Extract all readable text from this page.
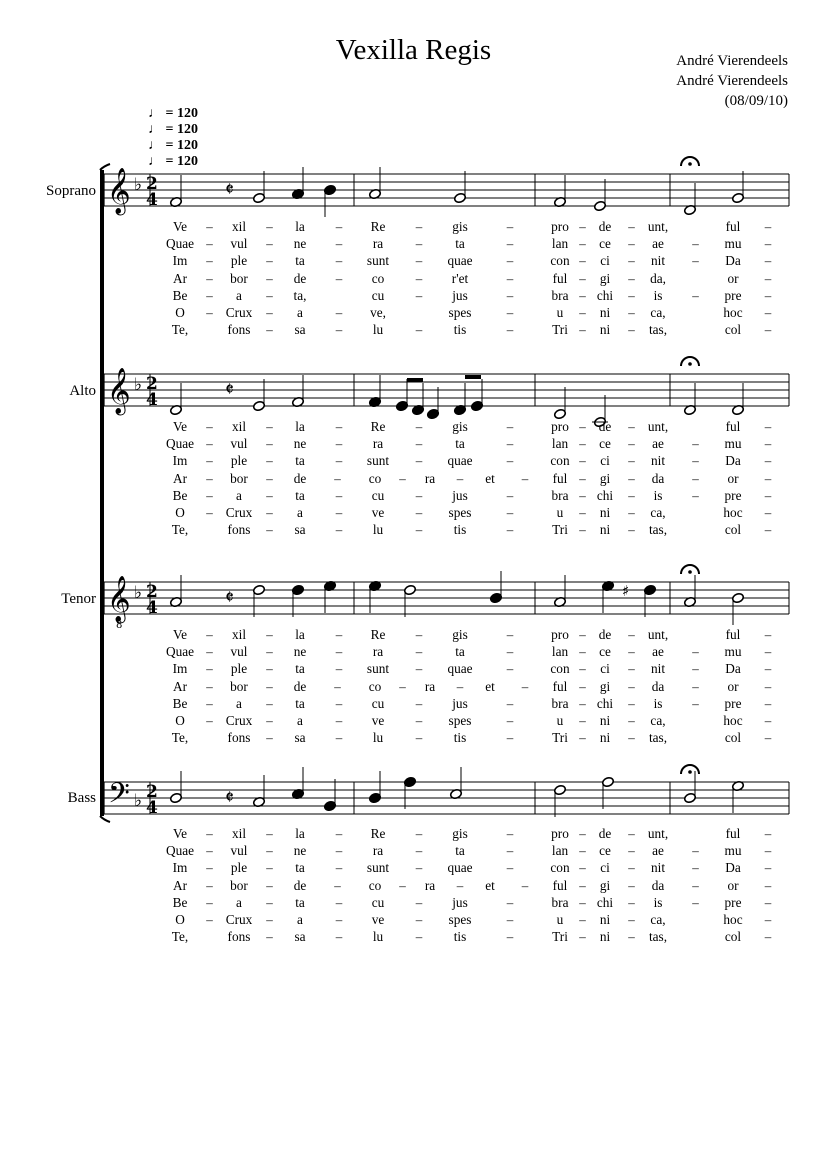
Vexilla Regis	André Vierendeels
André Vierendeels
(08/09/10)
♩ = 120
♩ = 120
♩ = 120
♩ = 120
Soprano
Alto
Tenor
Bass
♯
𝄞 ♭ 2
4	𝄵
𝄞 ♭ 2
4	𝄵
𝄞
8
♭ 2
4	𝄵
𝄢 ♭ 2
4	𝄵
Ve – xil – la – Re – gis	–	pro – de – unt,	ful –
Quae – vul – ne – ra	– ta	–	lan – ce – ae – mu –
Im – ple – ta – sunt – quae	–	con – ci – nit – Da –
Ar – bor – de – co – r'et	–	ful – gi – da,	or –
Be – a – ta,	cu – jus	–	bra – chi – is – pre –
O – Crux – a	– ve,	spes	–	u – ni – ca,	hoc –
Te,	fons – sa – lu	– tis	–	Tri – ni – tas,	col –
Ve – xil – la – Re – gis	–	pro – de – unt,	ful –
Quae – vul – ne – ra	– ta	–	lan – ce – ae – mu –
Im – ple – ta – sunt – quae	–	con – ci – nit – Da –
Ar – bor – de – co – ra – et – ful – gi – da – or –
Be – a – ta – cu – jus	–	bra – chi – is – pre –
O – Crux – a	– ve – spes	–	u – ni – ca,	hoc –
Te,	fons – sa – lu	– tis	–	Tri – ni – tas,	col –
Ve – xil – la – Re – gis	–	pro – de – unt,	ful –
Quae – vul – ne – ra	– ta	–	lan – ce – ae – mu –
Im – ple – ta – sunt – quae	–	con – ci – nit – Da –
Ar – bor – de – co – ra – et – ful – gi – da – or –
Be – a – ta – cu – jus	–	bra – chi – is – pre –
O – Crux – a	– ve – spes	–	u – ni – ca,	hoc –
Te,	fons – sa – lu	– tis	–	Tri – ni – tas,	col –
Ve – xil – la – Re – gis	–	pro – de – unt,	ful –
Quae – vul – ne – ra	– ta	–	lan – ce – ae – mu –
Im – ple – ta – sunt – quae	–	con – ci – nit – Da –
Ar – bor – de – co – ra – et – ful – gi – da – or –
Be – a – ta – cu – jus	–	bra – chi – is – pre –
O – Crux – a	– ve – spes	–	u – ni – ca,	hoc –
Te,	fons – sa – lu	– tis	–	Tri – ni – tas,	col –
